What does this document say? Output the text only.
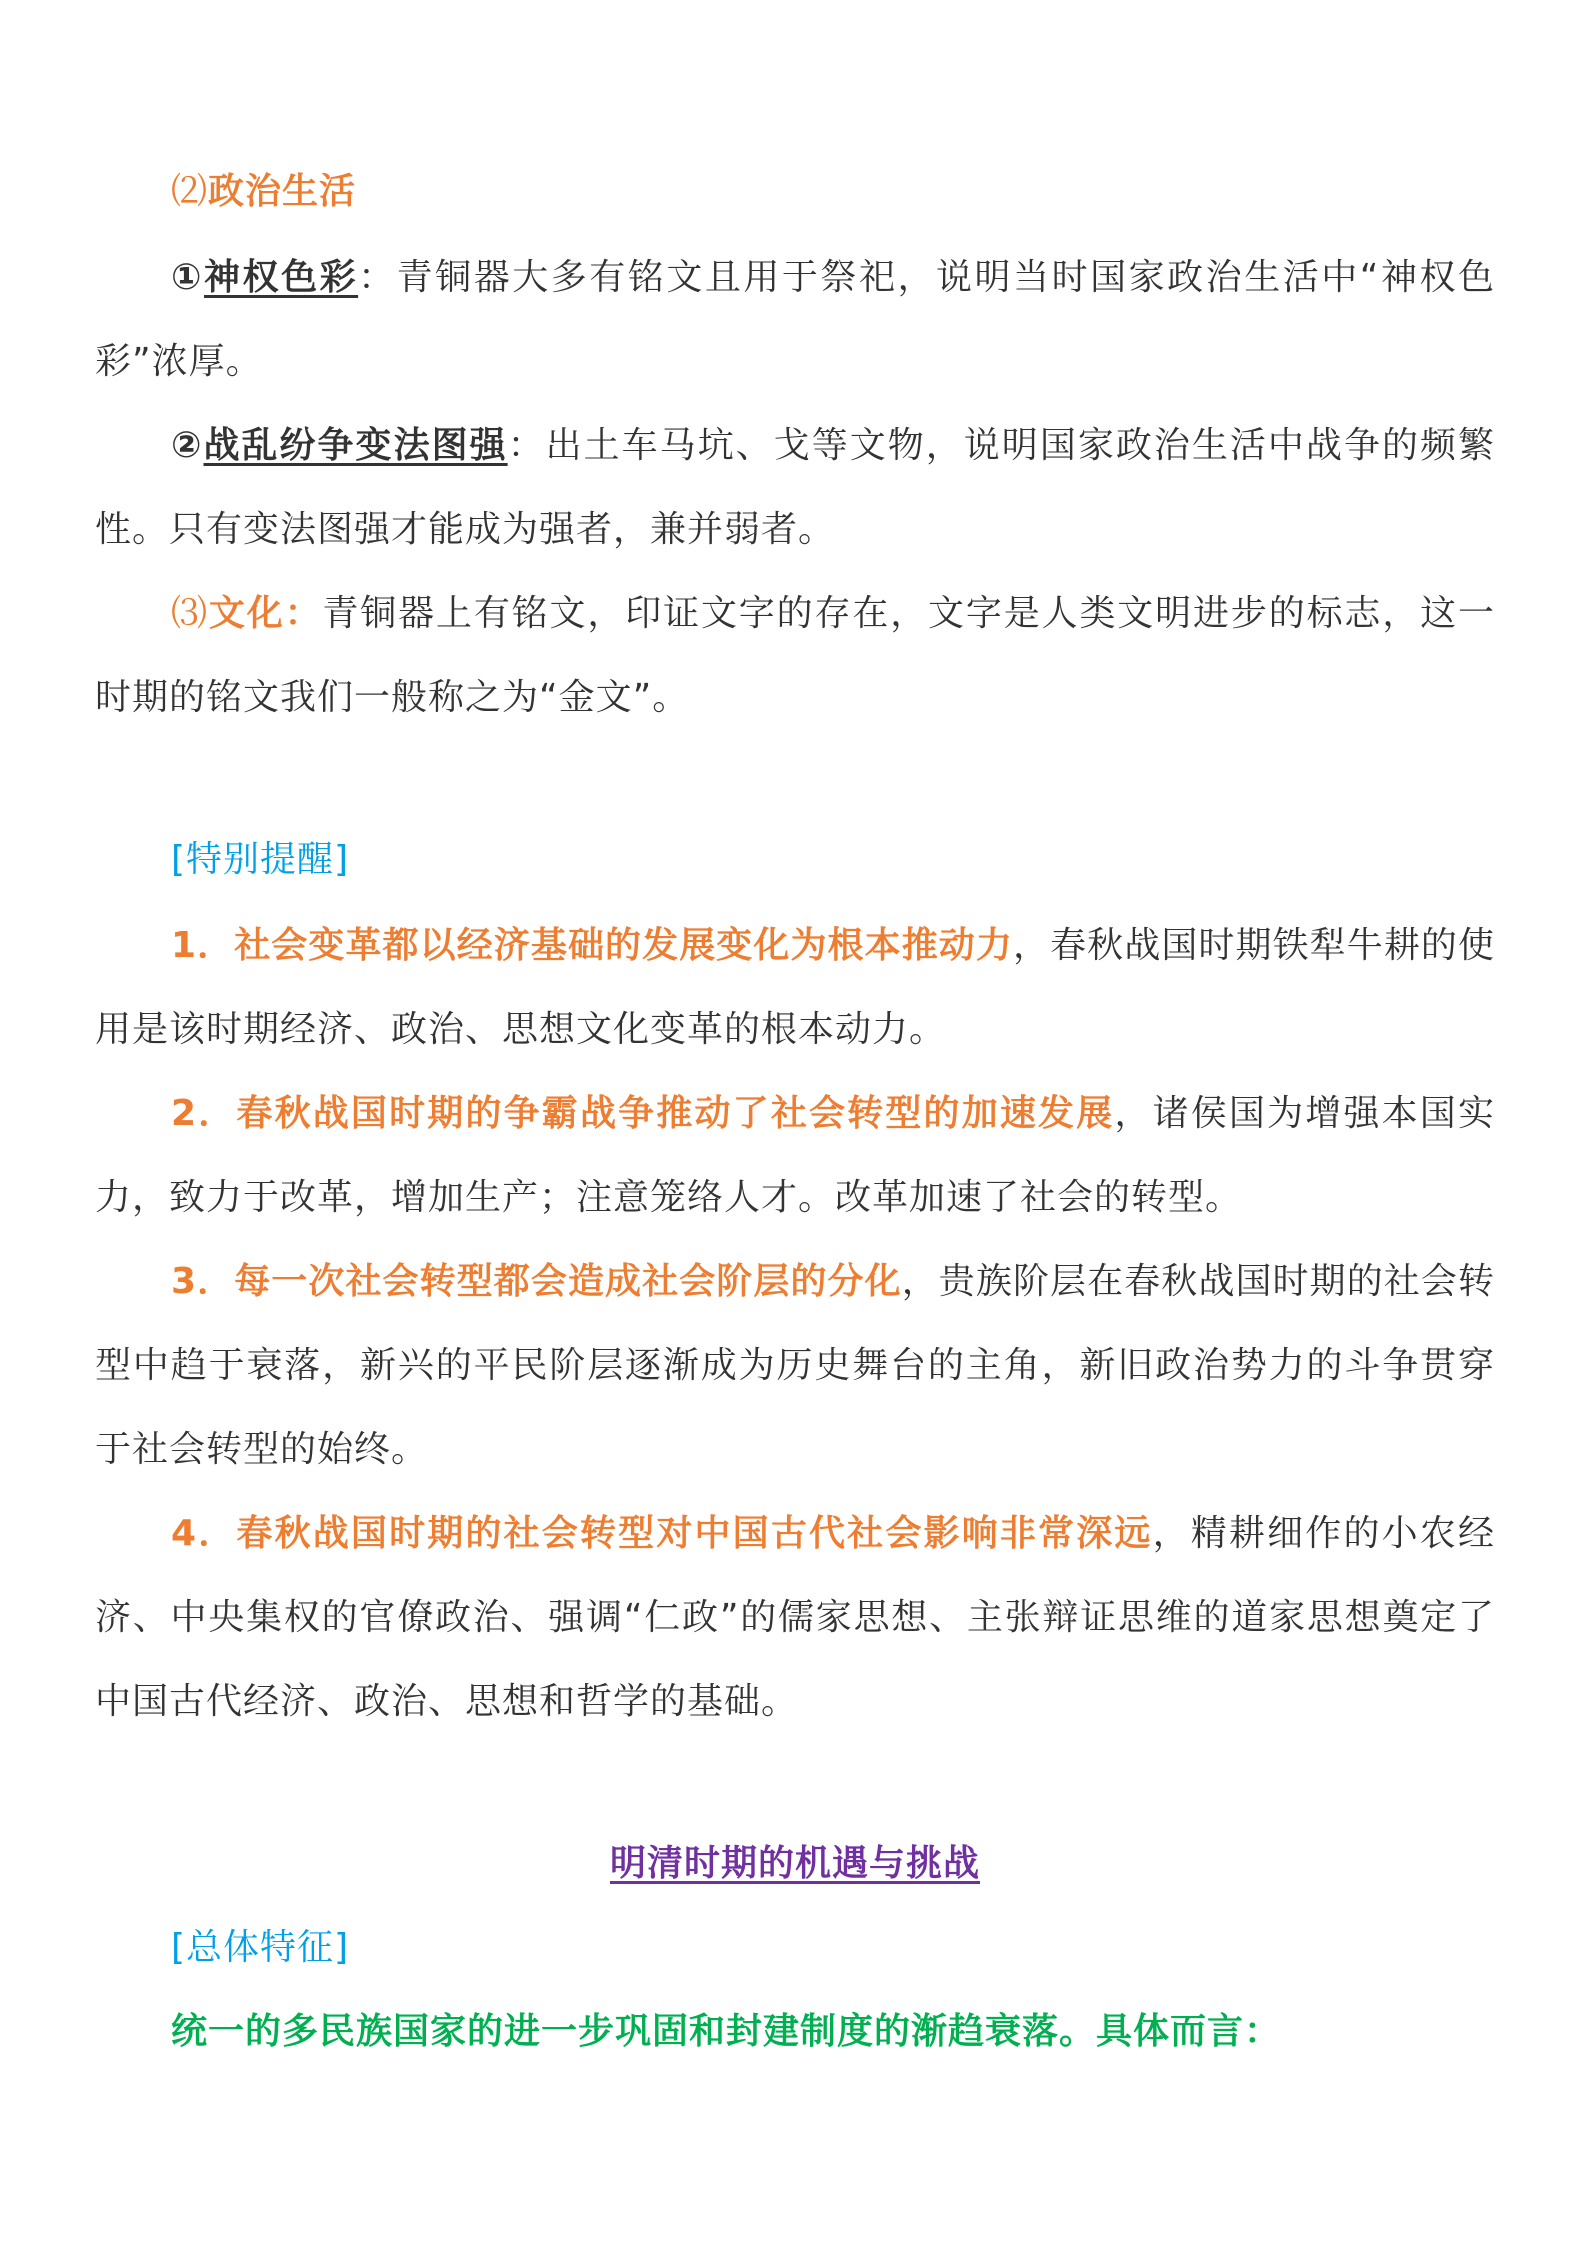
⑵政治生活

①神权色彩：青铜器大多有铭文且用于祭祀，说明当时国家政治生活中“神权色彩”浓厚。

②战乱纷争变法图强：出土车马坑、戈等文物，说明国家政治生活中战争的频繁性。只有变法图强才能成为强者，兼并弱者。

⑶文化：青铜器上有铭文，印证文字的存在，文字是人类文明进步的标志，这一时期的铭文我们一般称之为“金文”。

[特别提醒]

1．社会变革都以经济基础的发展变化为根本推动力，春秋战国时期铁犁牛耕的使用是该时期经济、政治、思想文化变革的根本动力。

2．春秋战国时期的争霸战争推动了社会转型的加速发展，诸侯国为增强本国实力，致力于改革，增加生产；注意笼络人才。改革加速了社会的转型。

3．每一次社会转型都会造成社会阶层的分化，贵族阶层在春秋战国时期的社会转型中趋于衰落，新兴的平民阶层逐渐成为历史舞台的主角，新旧政治势力的斗争贯穿于社会转型的始终。

4．春秋战国时期的社会转型对中国古代社会影响非常深远，精耕细作的小农经济、中央集权的官僚政治、强调“仁政”的儒家思想、主张辩证思维的道家思想奠定了中国古代经济、政治、思想和哲学的基础。

明清时期的机遇与挑战

[总体特征]

统一的多民族国家的进一步巩固和封建制度的渐趋衰落。具体而言：
